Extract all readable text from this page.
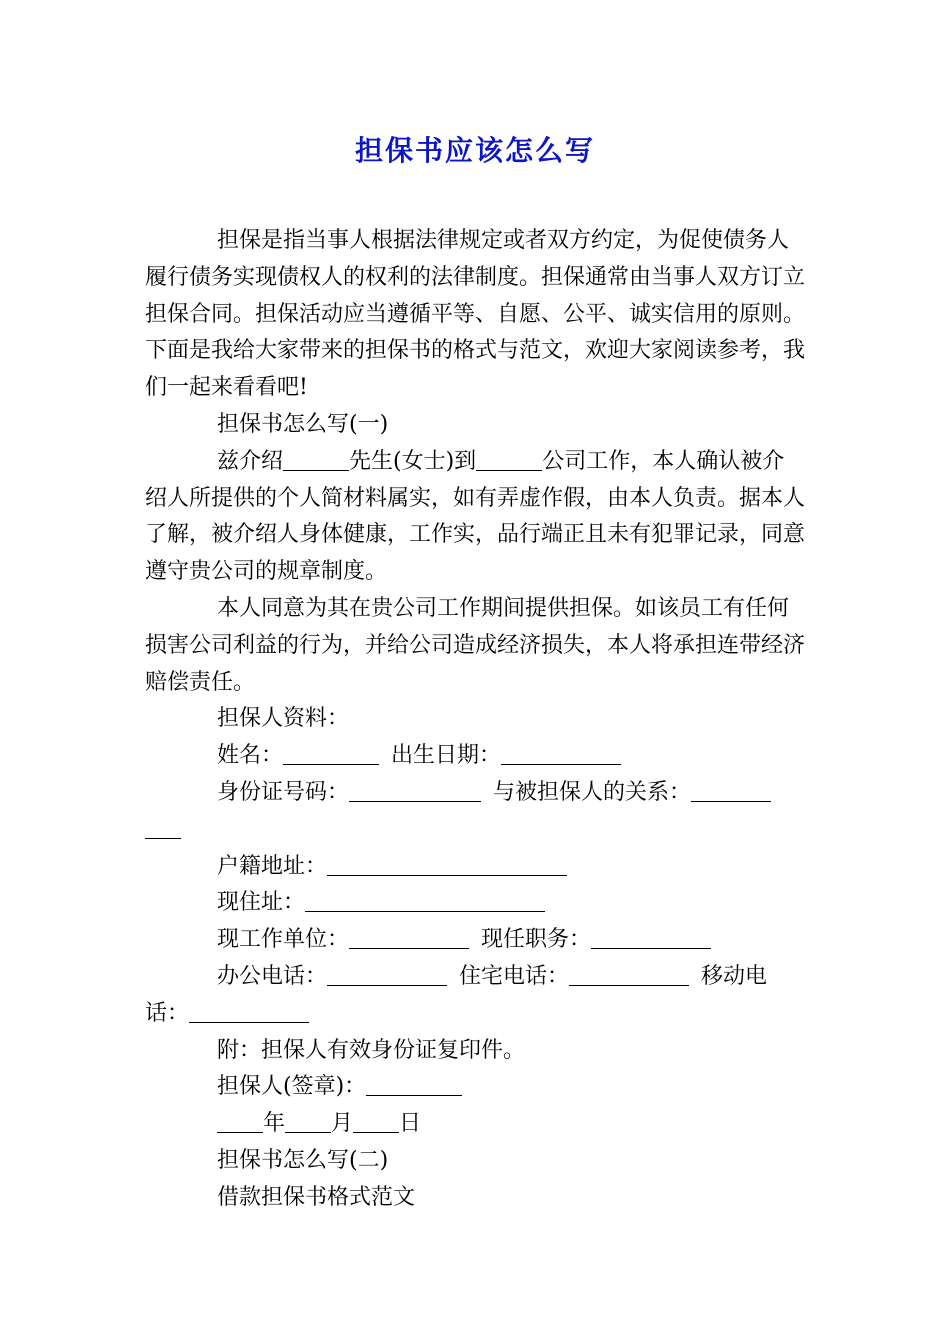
担保书应该怎么写

担保是指当事人根据法律规定或者双方约定，为促使债务人履行债务实现债权人的权利的法律制度。担保通常由当事人双方订立担保合同。担保活动应当遵循平等、自愿、公平、诚实信用的原则。下面是我给大家带来的担保书的格式与范文，欢迎大家阅读参考，我们一起来看看吧!

担保书怎么写(一)

兹介绍	先生(女士)到	公司工作，本人确认被介绍人所提供的个人简材料属实，如有弄虚作假，由本人负责。据本人了解，被介绍人身体健康，工作实，品行端正且未有犯罪记录，同意遵守贵公司的规章制度。

本人同意为其在贵公司工作期间提供担保。如该员工有任何损害公司利益的行为，并给公司造成经济损失，本人将承担连带经济赔偿责任。

担保人资料：

姓名：	出生日期：

身份证号码：	与被担保人的关系：

户籍地址：

现住址：

现工作单位：	现任职务：

办公电话：	住宅电话：	移动电话：

附：担保人有效身份证复印件。

担保人(签章)：

年 月 日

担保书怎么写(二)

借款担保书格式范文
